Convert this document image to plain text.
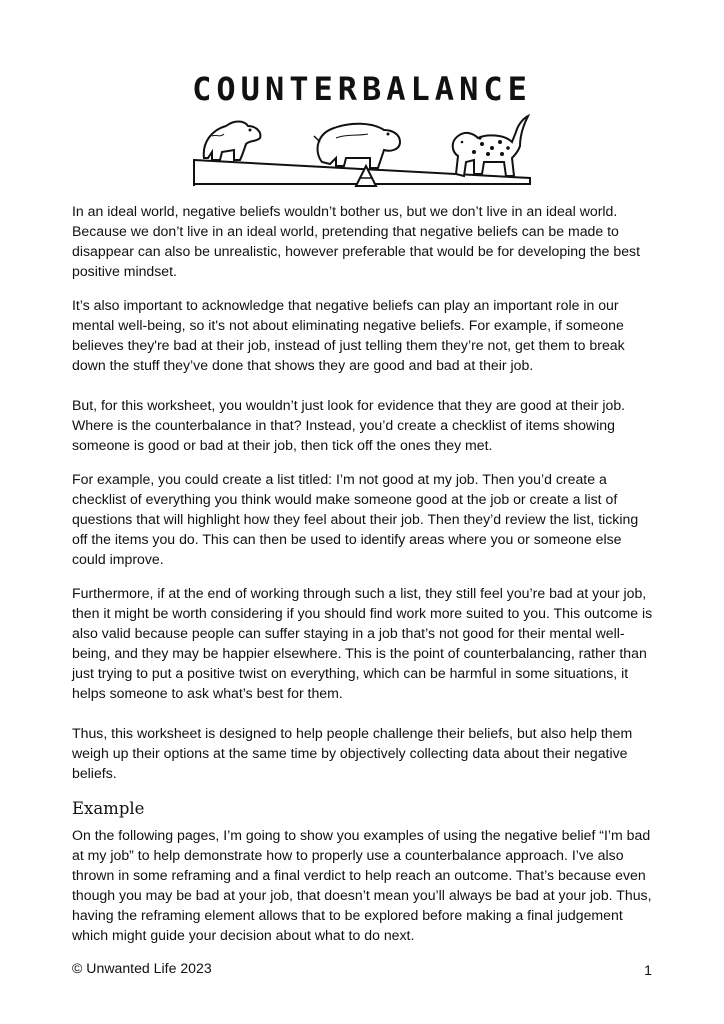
COUNTERBALANCE

In an ideal world, negative beliefs wouldn’t bother us, but we don’t live in an ideal world. Because we don’t live in an ideal world, pretending that negative beliefs can be made to disappear can also be unrealistic, however preferable that would be for developing the best positive mindset.

It’s also important to acknowledge that negative beliefs can play an important role in our mental well-being, so it's not about eliminating negative beliefs. For example, if someone believes they're bad at their job, instead of just telling them they’re not, get them to break down the stuff they’ve done that shows they are good and bad at their job.

But, for this worksheet, you wouldn’t just look for evidence that they are good at their job. Where is the counterbalance in that? Instead, you’d create a checklist of items showing someone is good or bad at their job, then tick off the ones they met.

For example, you could create a list titled: I’m not good at my job. Then you’d create a checklist of everything you think would make someone good at the job or create a list of questions that will highlight how they feel about their job. Then they’d review the list, ticking off the items you do. This can then be used to identify areas where you or someone else could improve.

Furthermore, if at the end of working through such a list, they still feel you’re bad at your job, then it might be worth considering if you should find work more suited to you. This outcome is also valid because people can suffer staying in a job that’s not good for their mental well-being, and they may be happier elsewhere. This is the point of counterbalancing, rather than just trying to put a positive twist on everything, which can be harmful in some situations, it helps someone to ask what’s best for them.

Thus, this worksheet is designed to help people challenge their beliefs, but also help them weigh up their options at the same time by objectively collecting data about their negative beliefs.

Example

On the following pages, I’m going to show you examples of using the negative belief “I’m bad at my job” to help demonstrate how to properly use a counterbalance approach. I’ve also thrown in some reframing and a final verdict to help reach an outcome. That’s because even though you may be bad at your job, that doesn’t mean you’ll always be bad at your job. Thus, having the reframing element allows that to be explored before making a final judgement which might guide your decision about what to do next.

© Unwanted Life 2023	1
